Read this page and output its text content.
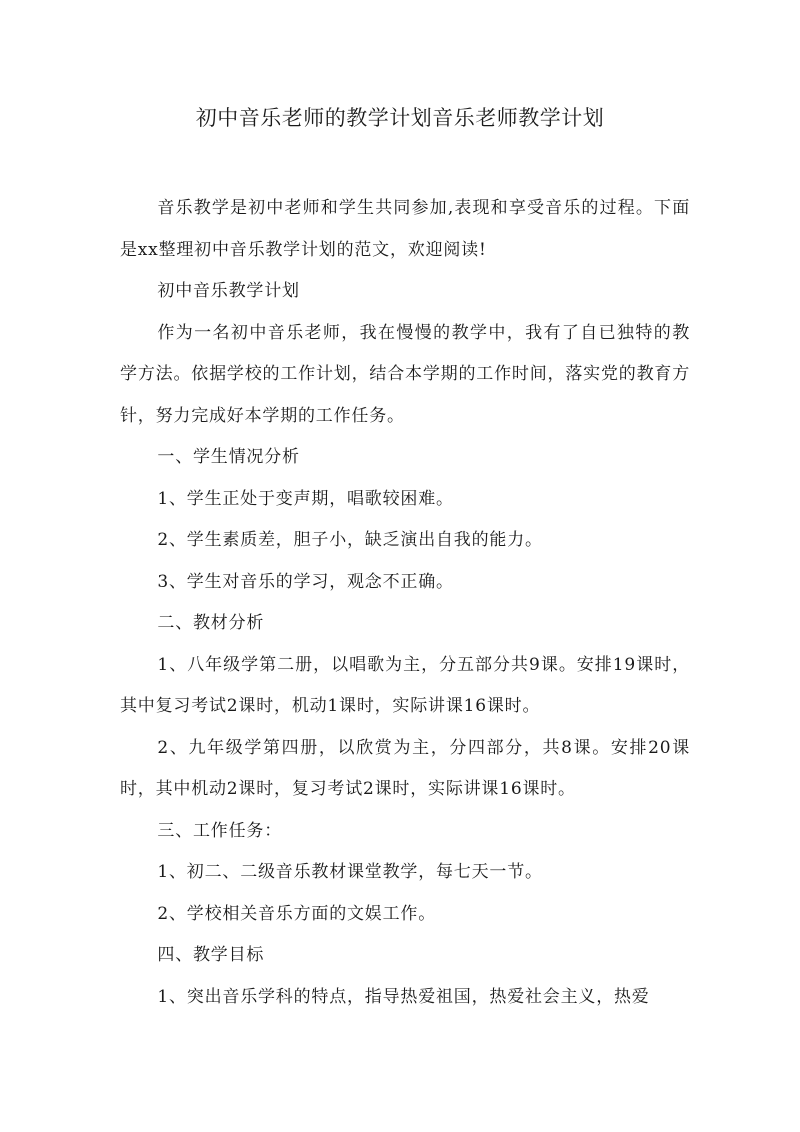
初中音乐老师的教学计划音乐老师教学计划

音乐教学是初中老师和学生共同参加,表现和享受音乐的过程。下面是xx整理初中音乐教学计划的范文，欢迎阅读!

初中音乐教学计划

作为一名初中音乐老师，我在慢慢的教学中，我有了自已独特的教学方法。依据学校的工作计划，结合本学期的工作时间，落实党的教育方针，努力完成好本学期的工作任务。

一、学生情况分析

1、学生正处于变声期，唱歌较困难。

2、学生素质差，胆子小，缺乏演出自我的能力。

3、学生对音乐的学习，观念不正确。

二、教材分析

1、八年级学第二册，以唱歌为主，分五部分共9课。安排19课时，其中复习考试2课时，机动1课时，实际讲课16课时。

2、九年级学第四册，以欣赏为主，分四部分，共8课。安排20课时，其中机动2课时，复习考试2课时，实际讲课16课时。

三、工作任务：

1、初二、二级音乐教材课堂教学，每七天一节。

2、学校相关音乐方面的文娱工作。

四、教学目标

1、突出音乐学科的特点，指导热爱祖国，热爱社会主义，热爱
